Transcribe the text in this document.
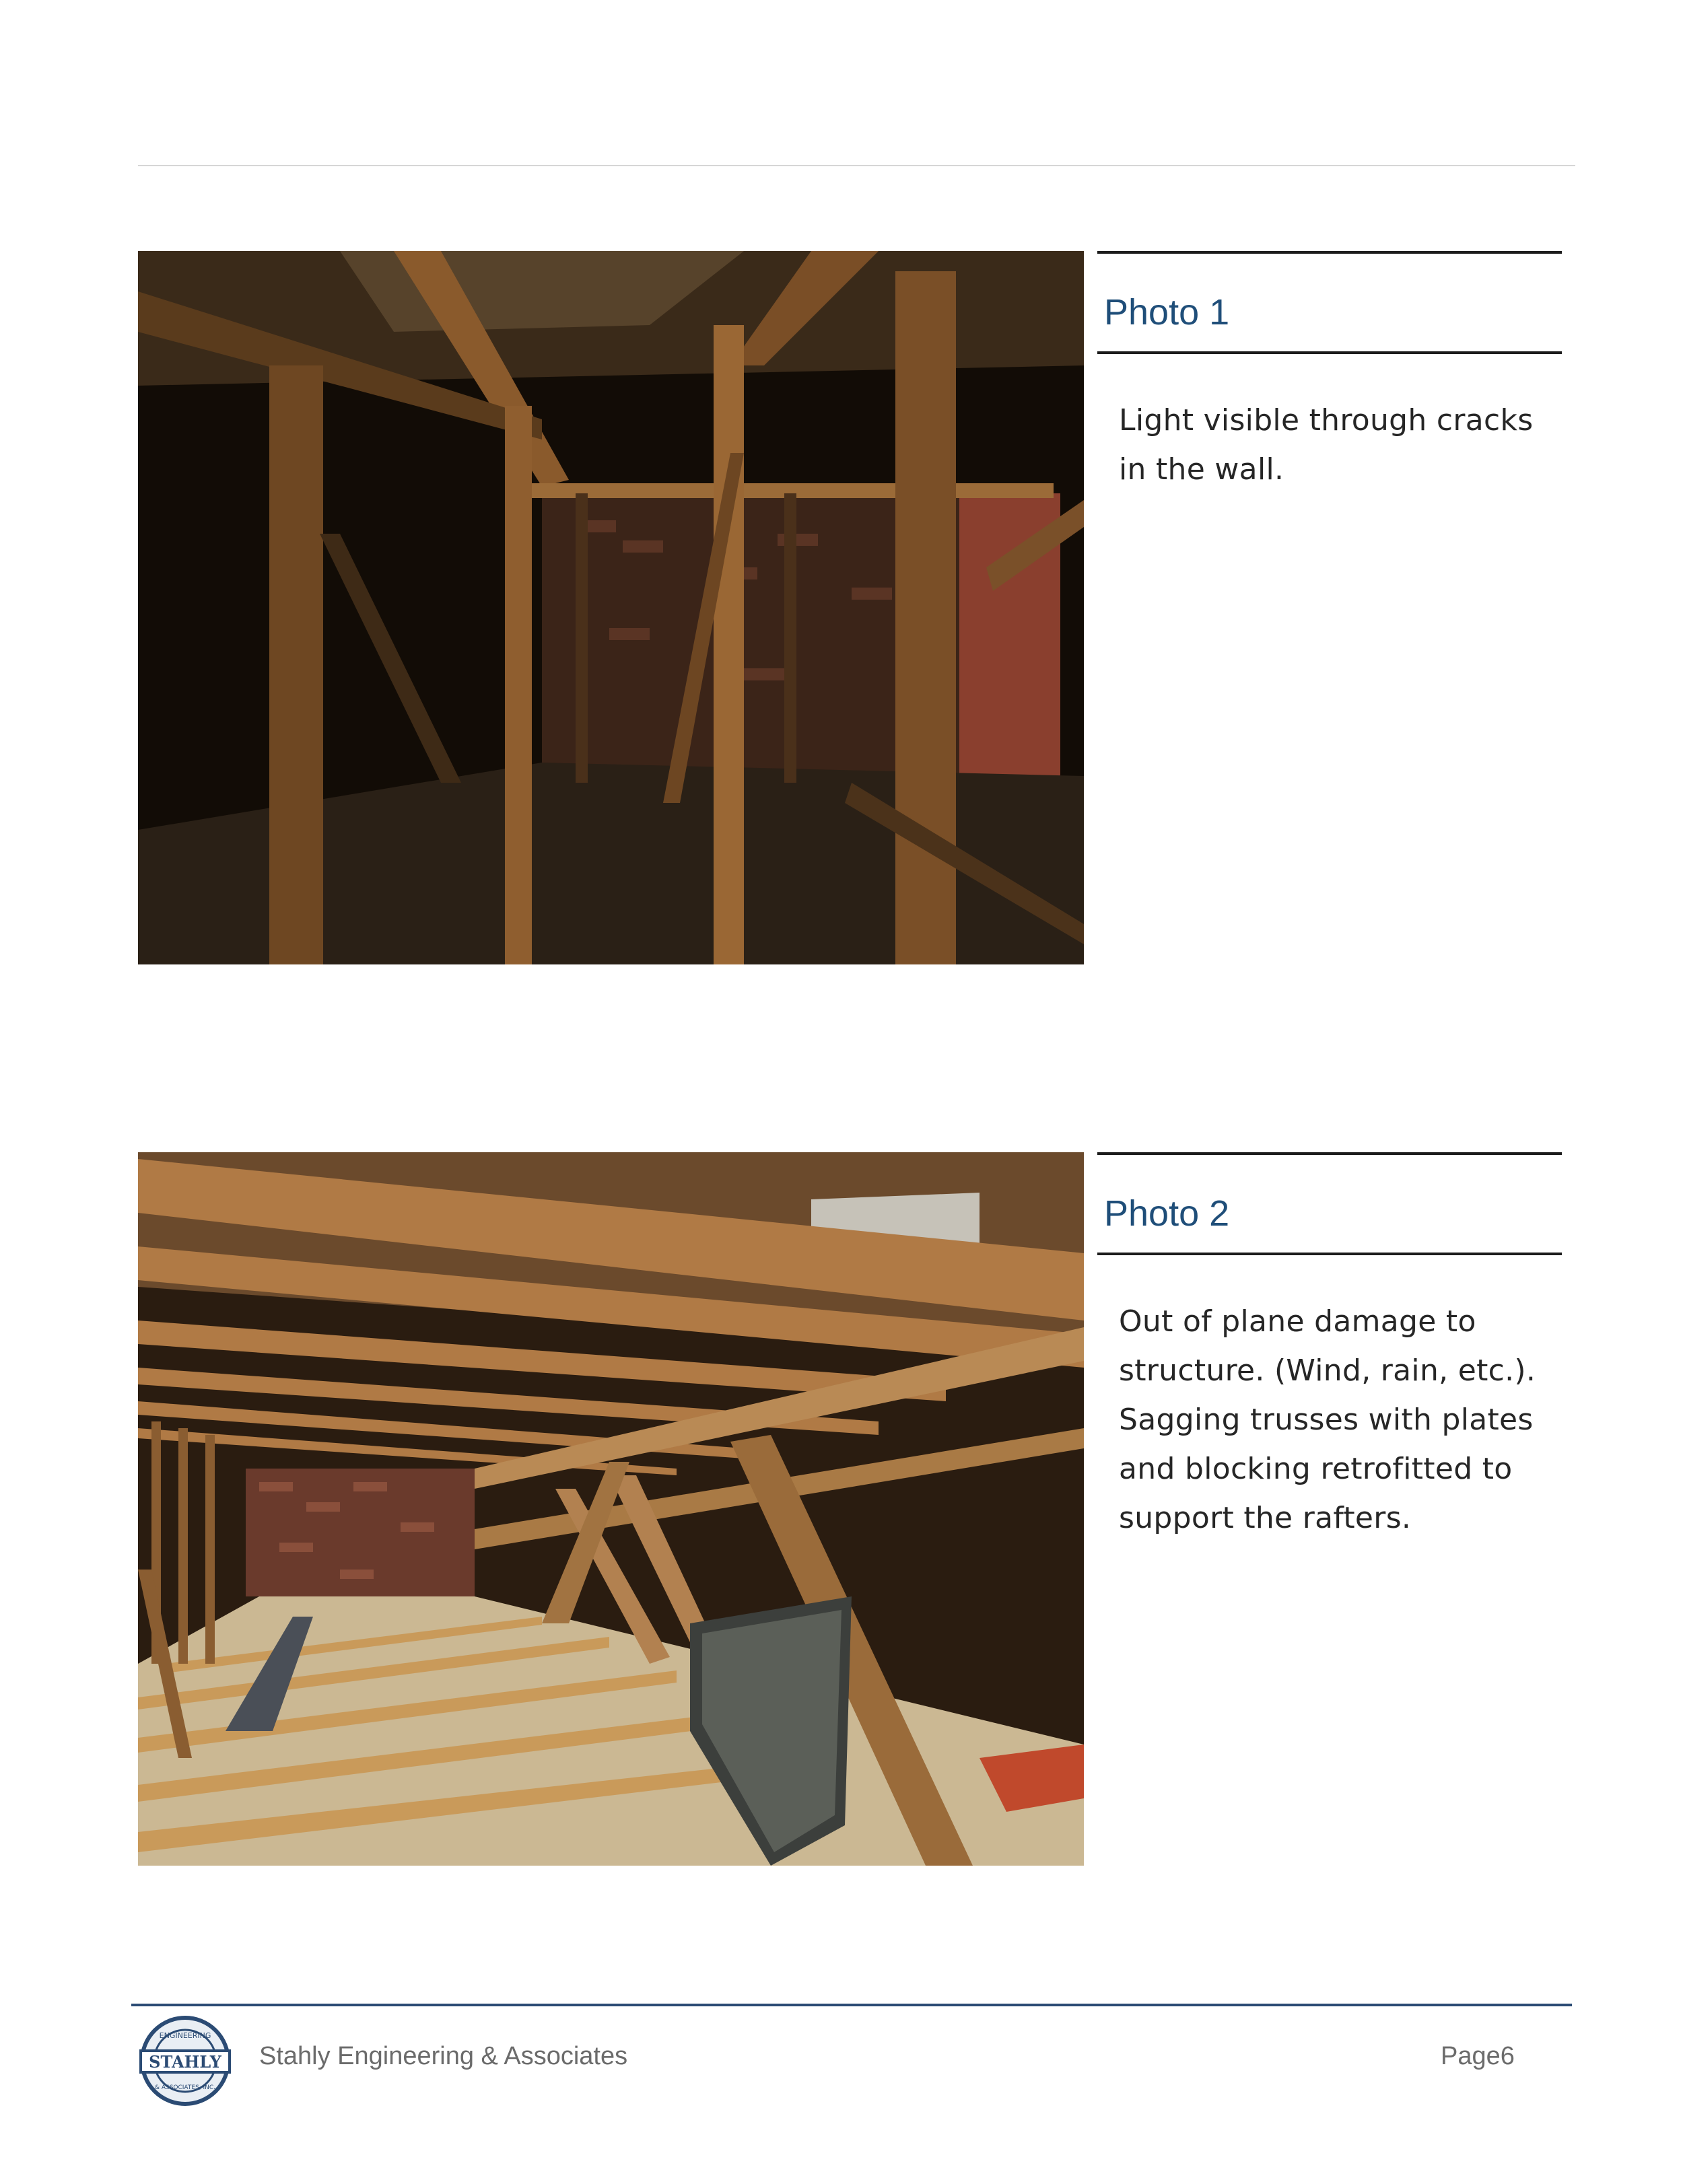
Photo 1
Light visible through cracks in the wall.
Photo 2
Out of plane damage to structure. (Wind, rain, etc.). Sagging trusses with plates and blocking retrofitted to support the rafters.
STAHLY
ENGINEERING
& ASSOCIATES, INC.
Stahly Engineering & Associates	Page6
